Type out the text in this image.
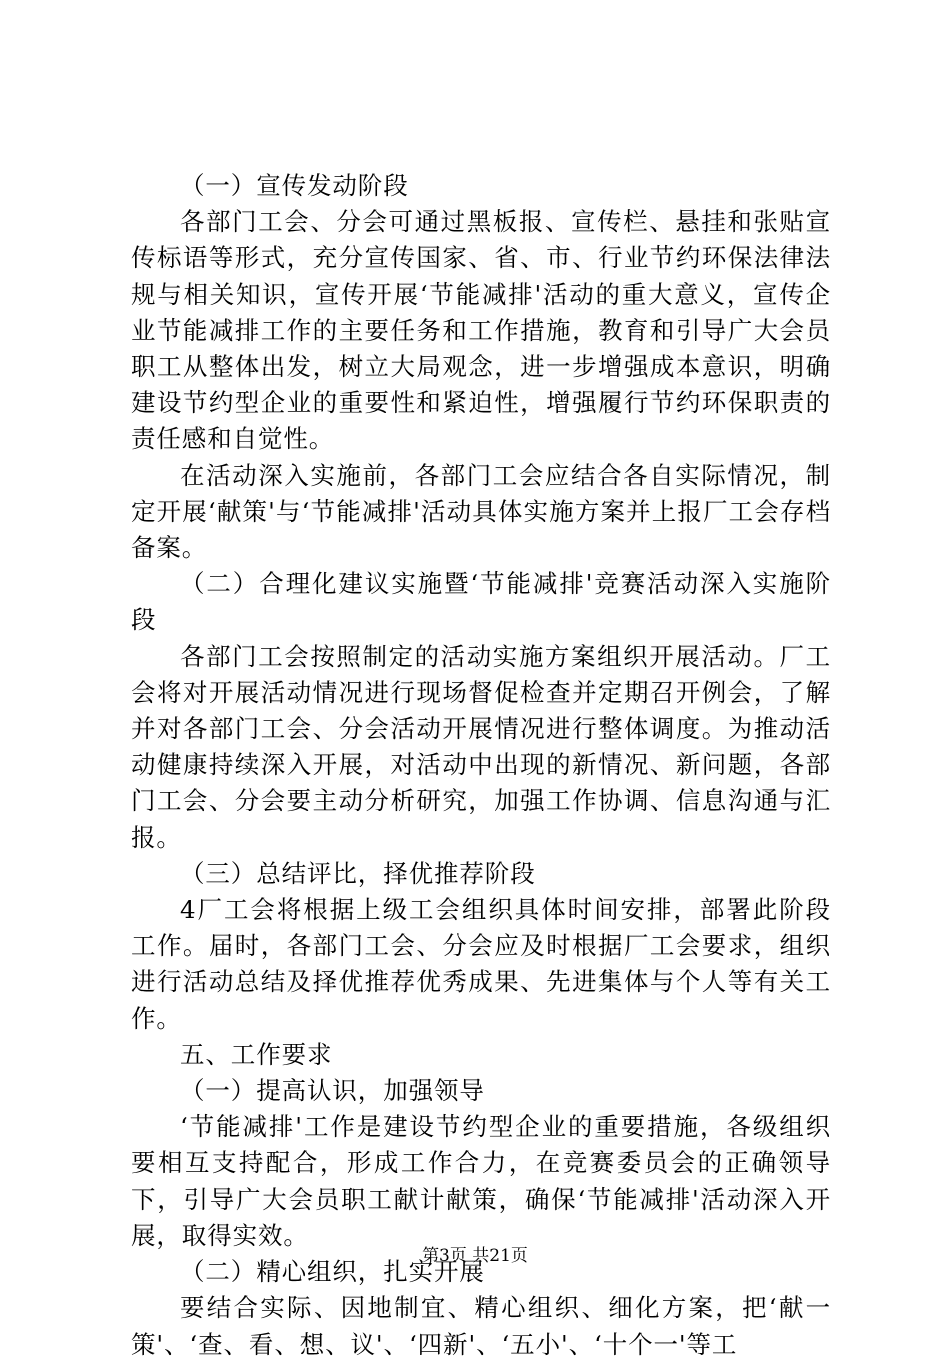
（一）宣传发动阶段

各部门工会、分会可通过黑板报、宣传栏、悬挂和张贴宣传标语等形式，充分宣传国家、省、市、行业节约环保法律法规与相关知识，宣传开展‘节能减排'活动的重大意义，宣传企业节能减排工作的主要任务和工作措施，教育和引导广大会员职工从整体出发，树立大局观念，进一步增强成本意识，明确建设节约型企业的重要性和紧迫性，增强履行节约环保职责的责任感和自觉性。

在活动深入实施前，各部门工会应结合各自实际情况，制定开展‘献策'与‘节能减排'活动具体实施方案并上报厂工会存档备案。

（二）合理化建议实施暨‘节能减排'竞赛活动深入实施阶段

各部门工会按照制定的活动实施方案组织开展活动。厂工会将对开展活动情况进行现场督促检查并定期召开例会，了解并对各部门工会、分会活动开展情况进行整体调度。为推动活动健康持续深入开展，对活动中出现的新情况、新问题，各部门工会、分会要主动分析研究，加强工作协调、信息沟通与汇报。

（三）总结评比，择优推荐阶段

4厂工会将根据上级工会组织具体时间安排，部署此阶段工作。届时，各部门工会、分会应及时根据厂工会要求，组织进行活动总结及择优推荐优秀成果、先进集体与个人等有关工作。

五、工作要求

（一）提高认识，加强领导

‘节能减排'工作是建设节约型企业的重要措施，各级组织要相互支持配合，形成工作合力，在竞赛委员会的正确领导下，引导广大会员职工献计献策，确保‘节能减排'活动深入开展，取得实效。

（二）精心组织，扎实开展

要结合实际、因地制宜、精心组织、细化方案，把‘献一策'、‘查、看、想、议'、‘四新'、‘五小'、‘十个一'等工

第3页 共21页
